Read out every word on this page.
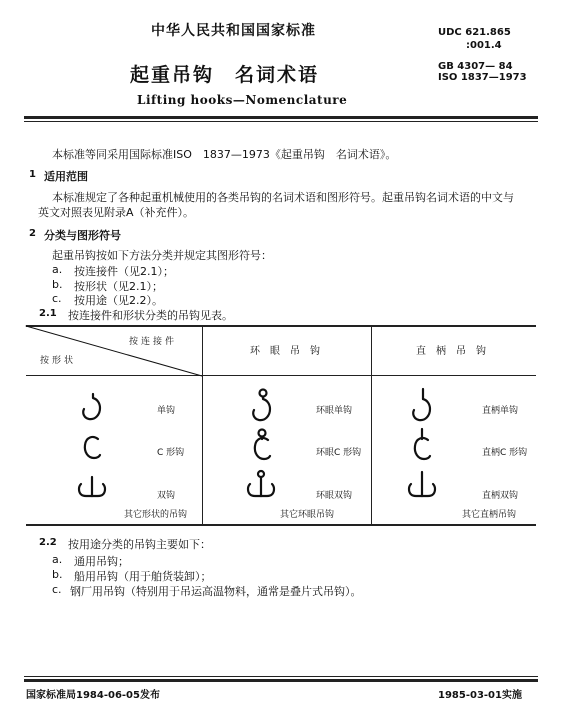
中华人民共和国国家标准
起重吊钩　名词术语
Lifting hooks—Nomenclature
UDC 621.865
:001.4
GB 4307— 84
ISO 1837—1973
本标准等同采用国际标准ISO　1837—1973《起重吊钩　名词术语》。
1 适用范围
本标准规定了各种起重机械使用的各类吊钩的名词术语和图形符号。起重吊钩名词术语的中文与
英文对照表见附录A（补充件）。
2 分类与图形符号
起重吊钩按如下方法分类并规定其图形符号：
a. 按连接件（见2.1）；
b. 按形状（见2.1）；
c. 按用途（见2.2）。
2.1 按连接件和形状分类的吊钩见表。
按连接件
按形状
环　眼　吊　钩	直　柄　吊　钩
单钩
C 形钩
双钩
其它形状的吊钩
环眼单钩
环眼C 形钩
环眼双钩
其它环眼吊钩
直柄单钩
直柄C 形钩
直柄双钩
其它直柄吊钩
2.2 按用途分类的吊钩主要如下：
a. 通用吊钩；
b. 船用吊钩（用于舶货装卸）；
c. 钢厂用吊钩（特别用于吊运高温物料，通常是叠片式吊钩）。
国家标准局1984-06-05发布	1985-03-01实施
